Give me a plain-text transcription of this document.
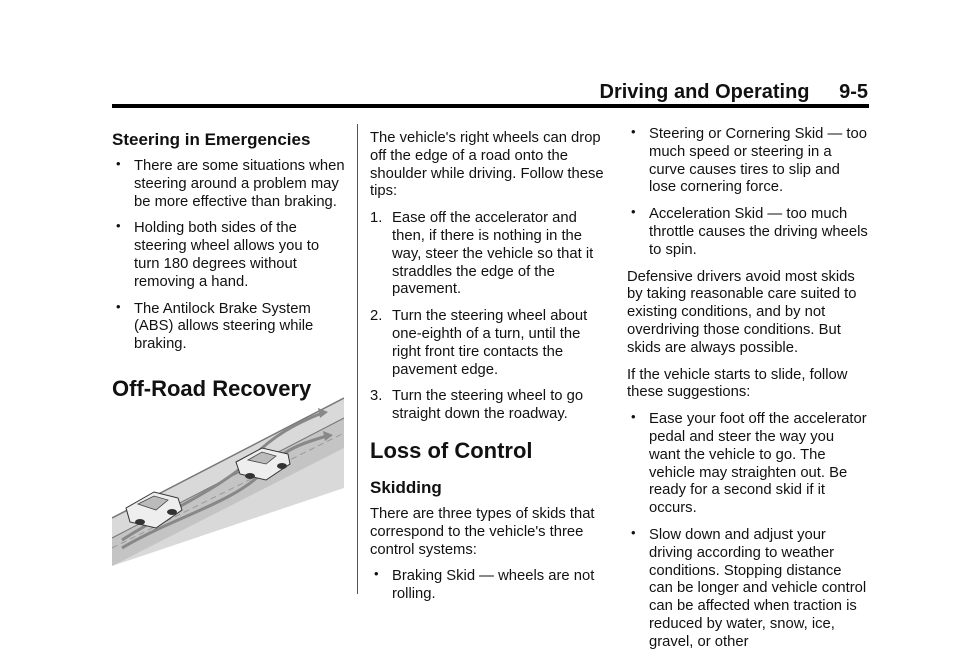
Driving and Operating 9-5
Steering in Emergencies
• There are some situations when steering around a problem may be more effective than braking.
• Holding both sides of the steering wheel allows you to turn 180 degrees without removing a hand.
• The Antilock Brake System (ABS) allows steering while braking.
Off-Road Recovery

The vehicle's right wheels can drop off the edge of a road onto the shoulder while driving. Follow these tips:

1. Ease off the accelerator and then, if there is nothing in the way, steer the vehicle so that it straddles the edge of the pavement.
2. Turn the steering wheel about one-eighth of a turn, until the right front tire contacts the pavement edge.
3. Turn the steering wheel to go straight down the roadway.
Loss of Control
Skidding

There are three types of skids that correspond to the vehicle's three control systems:

• Braking Skid — wheels are not rolling.
• Steering or Cornering Skid — too much speed or steering in a curve causes tires to slip and lose cornering force.
• Acceleration Skid — too much throttle causes the driving wheels to spin.

Defensive drivers avoid most skids by taking reasonable care suited to existing conditions, and by not overdriving those conditions. But skids are always possible.

If the vehicle starts to slide, follow these suggestions:

• Ease your foot off the accelerator pedal and steer the way you want the vehicle to go. The vehicle may straighten out. Be ready for a second skid if it occurs.
• Slow down and adjust your driving according to weather conditions. Stopping distance can be longer and vehicle control can be affected when traction is reduced by water, snow, ice, gravel, or other
